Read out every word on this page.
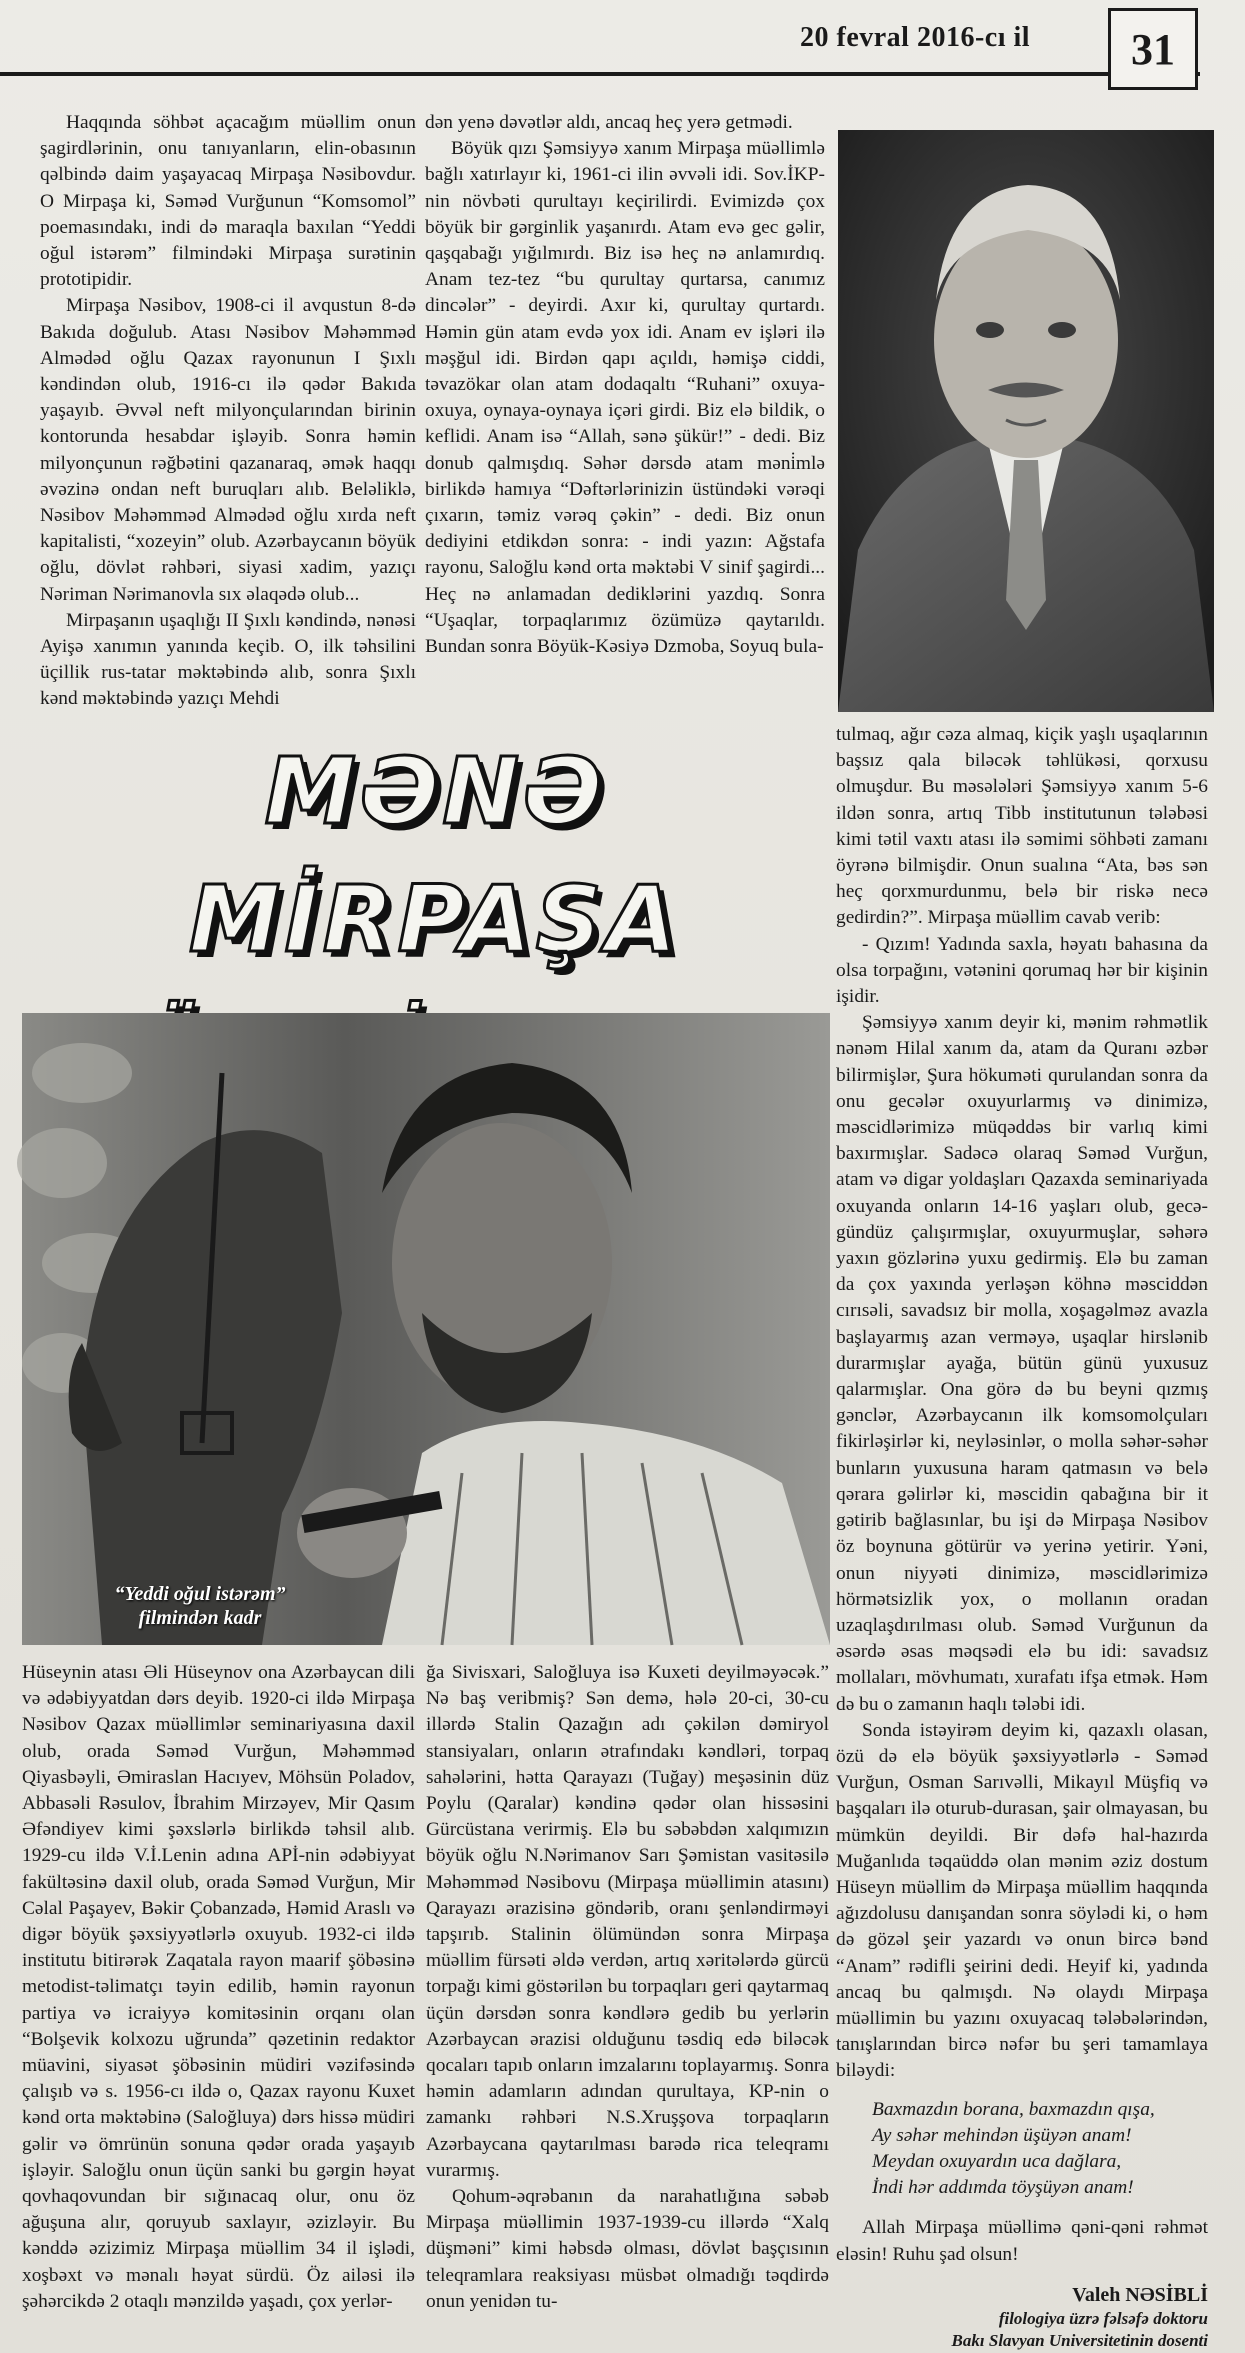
20 fevral 2016-cı il	31

Haqqında söhbət açacağım müəllim onun şagirdlərinin, onu tanıyanların, elin-obasının qəlbində daim yaşayacaq Mirpaşa Nəsibovdur. O Mirpaşa ki, Səməd Vurğunun “Komsomol” poemasındakı, indi də maraqla baxılan “Yeddi oğul istərəm” filmindəki Mirpaşa surətinin prototipidir.

Mirpaşa Nəsibov, 1908-ci il avqustun 8-də Bakıda doğulub. Atası Nəsibov Məhəmməd Almədəd oğlu Qazax rayonunun I Şıxlı kəndindən olub, 1916-cı ilə qədər Bakıda yaşayıb. Əvvəl neft milyonçularından birinin kontorunda hesabdar işləyib. Sonra həmin milyonçunun rəğbətini qazanaraq, əmək haqqı əvəzinə ondan neft buruqları alıb. Beləliklə, Nəsibov Məhəmməd Almədəd oğlu xırda neft kapitalisti, “xozeyin” olub. Azərbaycanın böyük oğlu, dövlət rəhbəri, siyasi xadim, yazıçı Nəriman Nərimanovla sıx əlaqədə olub...

Mirpaşanın uşaqlığı II Şıxlı kəndində, nənəsi Ayişə xanımın yanında keçib. O, ilk təhsilini üçillik rus-tatar məktəbində alıb, sonra Şıxlı kənd məktəbində yazıçı Mehdi

dən yenə dəvətlər aldı, ancaq heç yerə getmədi.

Böyük qızı Şəmsiyyə xanım Mirpaşa müəllimlə bağlı xatırlayır ki, 1961-ci ilin əvvəli idi. Sov.İKP-nin növbəti qurultayı keçirilirdi. Evimizdə çox böyük bir gərginlik yaşanırdı. Atam evə gec gəlir, qaşqabağı yığılmırdı. Biz isə heç nə anlamırdıq. Anam tez-tez “bu qurultay qurtarsa, canımız dincələr” - deyirdi. Axır ki, qurultay qurtardı. Həmin gün atam evdə yox idi. Anam ev işləri ilə məşğul idi. Birdən qapı açıldı, həmişə ciddi, təvazökar olan atam dodaqaltı “Ruhani” oxuya-oxuya, oynaya-oynaya içəri girdi. Biz elə bildik, o keflidi. Anam isə “Allah, sənə şükür!” - dedi. Biz donub qalmışdıq. Səhər dərsdə atam məni̇mlə birlikdə hamıya “Dəftərlərinizin üstündəki vərəqi çıxarın, təmiz vərəq çəkin” - dedi. Biz onun dediyini etdikdən sonra: - indi yazın: Ağstafa rayonu, Saloğlu kənd orta məktəbi V sinif şagirdi... Heç nə anlamadan dediklərini yazdıq. Sonra “Uşaqlar, torpaqlarımız özümüzə qaytarıldı. Bundan sonra Böyük-Kəsiyə Dzmoba, Soyuq bula-

MƏNƏ MİRPAŞA
“Yeddi oğul istərəm”
filmindən kadr

tulmaq, ağır cəza almaq, kiçik yaşlı uşaqlarının başsız qala biləcək təhlükəsi, qorxusu olmuşdur. Bu məsələləri Şəmsiyyə xanım 5-6 ildən sonra, artıq Tibb institutunun tələbəsi kimi tətil vaxtı atası ilə səmimi söhbəti zamanı öyrənə bilmişdir. Onun sualına “Ata, bəs sən heç qorxmurdunmu, belə bir riskə necə gedirdin?”. Mirpaşa müəllim cavab verib:

- Qızım! Yadında saxla, həyatı bahasına da olsa torpağını, vətənini qorumaq hər bir kişinin işidir.

Şəmsiyyə xanım deyir ki, mənim rəhmətlik nənəm Hilal xanım da, atam da Quranı əzbər bilirmişlər, Şura hökuməti qurulandan sonra da onu gecələr oxuyurlarmış və dinimizə, məscidlərimizə müqəddəs bir varlıq kimi baxırmışlar. Sadəcə olaraq Səməd Vurğun, atam və digar yoldaşları Qazaxda seminariyada oxuyanda onların 14-16 yaşları olub, gecə-gündüz çalışırmışlar, oxuyurmuşlar, səhərə yaxın gözlərinə yuxu gedirmiş. Elə bu zaman da çox yaxında yerləşən köhnə məsciddən cırısəli, savadsız bir molla, xoşagəlməz avazla başlayarmış azan verməyə, uşaqlar hirslənib durarmışlar ayağa, bütün günü yuxusuz qalarmışlar. Ona görə də bu beyni qızmış gənclər, Azərbaycanın ilk komsomolçuları fikirləşirlər ki, neyləsinlər, o molla səhər-səhər bunların yuxusuna haram qatmasın və belə qərara gəlirlər ki, məscidin qabağına bir it gətirib bağlasınlar, bu işi də Mirpaşa Nəsibov öz boynuna götürür və yerinə yetirir. Yəni, onun niyyəti dinimizə, məscidlərimizə hörmətsizlik yox, o mollanın oradan uzaqlaşdırılması olub. Səməd Vurğunun da əsərdə əsas məqsədi elə bu idi: savadsız mollaları, mövhumatı, xurafatı ifşa etmək. Həm də bu o zamanın haqlı tələbi idi.

Sonda istəyirəm deyim ki, qazaxlı olasan, özü də elə böyük şəxsiyyətlərlə - Səməd Vurğun, Osman Sarıvəlli, Mikayıl Müşfiq və başqaları ilə oturub-durasan, şair olmayasan, bu mümkün deyildi. Bir dəfə hal-hazırda Muğanlıda təqaüddə olan mənim əziz dostum Hüseyn müəllim də Mirpaşa müəllim haqqında ağızdolusu danışandan sonra söylədi ki, o həm də gözəl şeir yazardı və onun bircə bənd “Anam” rədifli şeirini dedi. Heyif ki, yadında ancaq bu qalmışdı. Nə olaydı Mirpaşa müəllimin bu yazını oxuyacaq tələbələrindən, tanışlarından bircə nəfər bu şeri tamamlaya biləydi:

Baxmazdın borana, baxmazdın qışa,

Ay səhər mehindən üşüyən anam!

Meydan oxuyardın uca dağlara,

İndi hər addımda töyşüyən anam!

Allah Mirpaşa müəllimə qəni-qəni rəhmət eləsin! Ruhu şad olsun!

Valeh NƏSİBLİ
filologiya üzrə fəlsəfə doktoru
Bakı Slavyan Universitetinin dosenti

Hüseynin atası Əli Hüseynov ona Azərbaycan dili və ədəbiyyatdan dərs deyib. 1920-ci ildə Mirpaşa Nəsibov Qazax müəllimlər seminariyasına daxil olub, orada Səməd Vurğun, Məhəmməd Qiyasbəyli, Əmiraslan Hacıyev, Möhsün Poladov, Abbasəli Rəsulov, İbrahim Mirzəyev, Mir Qasım Əfəndiyev kimi şəxslərlə birlikdə təhsil alıb. 1929-cu ildə V.İ.Lenin adına APİ-nin ədəbiyyat fakültəsinə daxil olub, orada Səməd Vurğun, Mir Cəlal Paşayev, Bəkir Çobanzadə, Həmid Araslı və digər böyük şəxsiyyətlərlə oxuyub. 1932-ci ildə institutu bitirərək Zaqatala rayon maarif şöbəsinə metodist-təlimatçı təyin edilib, həmin rayonun partiya və icraiyyə komitəsinin orqanı olan “Bolşevik kolxozu uğrunda” qəzetinin redaktor müavini, siyasət şöbəsinin müdiri vəzifəsində çalışıb və s. 1956-cı ildə o, Qazax rayonu Kuxet kənd orta məktəbinə (Saloğluya) dərs hissə müdiri gəlir və ömrünün sonuna qədər orada yaşayıb işləyir. Saloğlu onun üçün sanki bu gərgin həyat qovhaqovundan bir sığınacaq olur, onu öz ağuşuna alır, qoruyub saxlayır, əzizləyir. Bu kənddə əzizimiz Mirpaşa müəllim 34 il işlədi, xoşbəxt və mənalı həyat sürdü. Öz ailəsi ilə şəhərcikdə 2 otaqlı mənzildə yaşadı, çox yerlər-

ğa Sivisxari, Saloğluya isə Kuxeti deyilməyəcək.” Nə baş veribmiş? Sən demə, hələ 20-ci, 30-cu illərdə Stalin Qazağın adı çəkilən dəmiryol stansiyaları, onların ətrafındakı kəndləri, torpaq sahələrini, hətta Qarayazı (Tuğay) meşəsinin düz Poylu (Qaralar) kəndinə qədər olan hissəsini Gürcüstana verirmiş. Elə bu səbəbdən xalqımızın böyük oğlu N.Nərimanov Sarı Şəmistan vasitəsilə Məhəmməd Nəsibovu (Mirpaşa müəllimin atasını) Qarayazı ərazisinə göndərib, oranı şenləndirməyi tapşırıb. Stalinin ölümündən sonra Mirpaşa müəllim fürsəti əldə verdən, artıq xəritələrdə gürcü torpağı kimi göstərilən bu torpaqları geri qaytarmaq üçün dərsdən sonra kəndlərə gedib bu yerlərin Azərbaycan ərazisi olduğunu təsdiq edə biləcək qocaları tapıb onların imzalarını toplayarmış. Sonra həmin adamların adından qurultaya, KP-nin o zamankı rəhbəri N.S.Xruşşova torpaqların Azərbaycana qaytarılması barədə rica teleqramı vurarmış.

Qohum-əqrəbanın da narahatlığına səbəb Mirpaşa müəllimin 1937-1939-cu illərdə “Xalq düşməni” kimi həbsdə olması, dövlət başçısının teleqramlara reaksiyası müsbət olmadığı təqdirdə onun yenidən tu-
